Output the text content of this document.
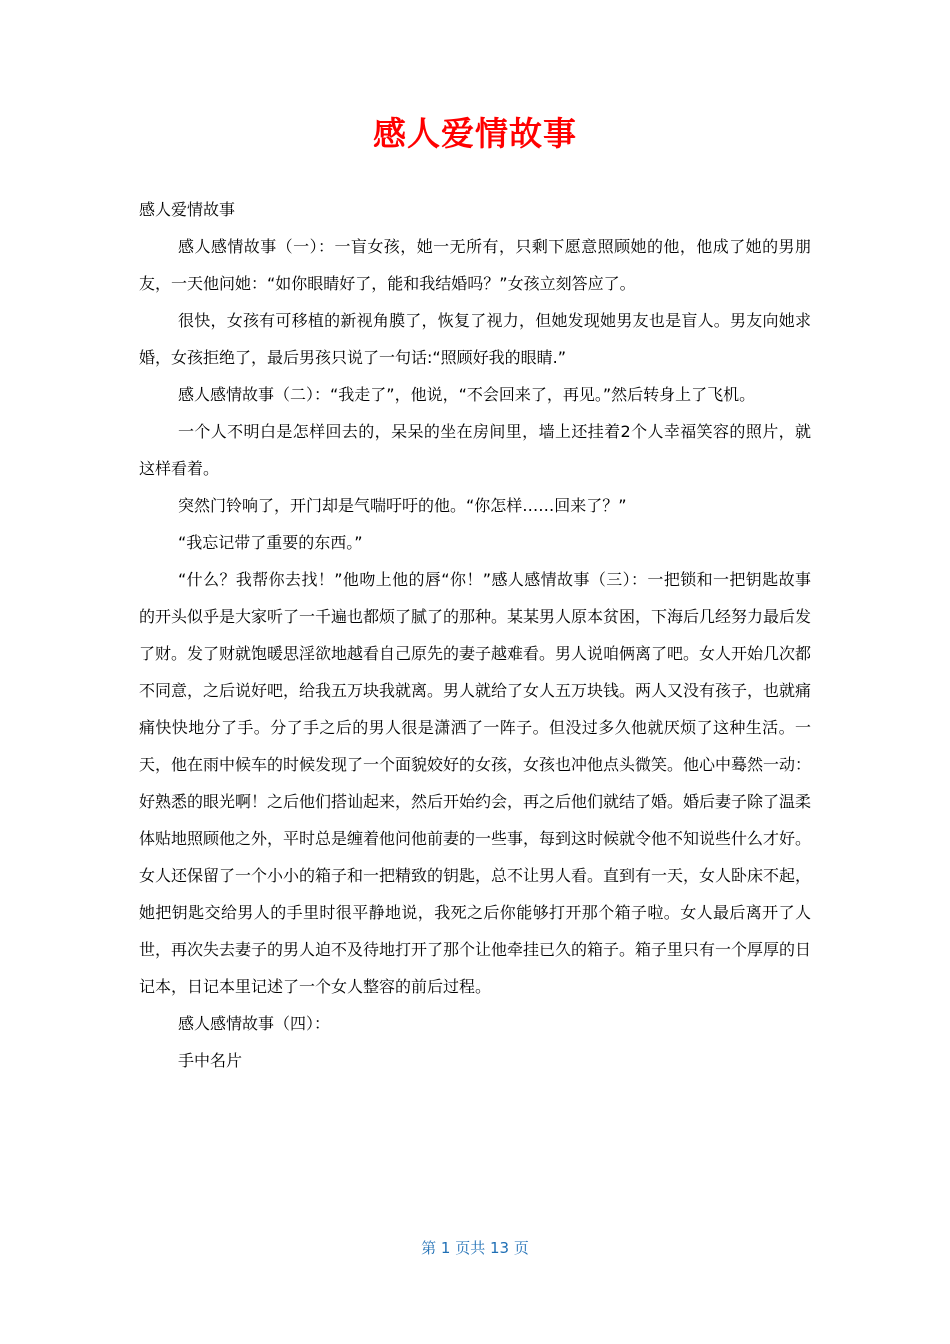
感人爱情故事
感人爱情故事

感人感情故事（一）：一盲女孩，她一无所有，只剩下愿意照顾她的他，他成了她的男朋友，一天他问她：“如你眼睛好了，能和我结婚吗？”女孩立刻答应了。

很快，女孩有可移植的新视角膜了，恢复了视力，但她发现她男友也是盲人。男友向她求婚，女孩拒绝了，最后男孩只说了一句话:“照顾好我的眼睛.”

感人感情故事（二）：“我走了”，他说，“不会回来了，再见。”然后转身上了飞机。

一个人不明白是怎样回去的，呆呆的坐在房间里，墙上还挂着2个人幸福笑容的照片，就这样看着。

突然门铃响了，开门却是气喘吁吁的他。“你怎样……回来了？”

“我忘记带了重要的东西。”

“什么？我帮你去找！”他吻上他的唇“你！”感人感情故事（三）：一把锁和一把钥匙故事的开头似乎是大家听了一千遍也都烦了腻了的那种。某某男人原本贫困，下海后几经努力最后发了财。发了财就饱暖思淫欲地越看自己原先的妻子越难看。男人说咱俩离了吧。女人开始几次都不同意，之后说好吧，给我五万块我就离。男人就给了女人五万块钱。两人又没有孩子，也就痛痛快快地分了手。分了手之后的男人很是潇洒了一阵子。但没过多久他就厌烦了这种生活。一天，他在雨中候车的时候发现了一个面貌姣好的女孩，女孩也冲他点头微笑。他心中蓦然一动：好熟悉的眼光啊！之后他们搭讪起来，然后开始约会，再之后他们就结了婚。婚后妻子除了温柔体贴地照顾他之外，平时总是缠着他问他前妻的一些事，每到这时候就令他不知说些什么才好。女人还保留了一个小小的箱子和一把精致的钥匙，总不让男人看。直到有一天，女人卧床不起，她把钥匙交给男人的手里时很平静地说，我死之后你能够打开那个箱子啦。女人最后离开了人世，再次失去妻子的男人迫不及待地打开了那个让他牵挂已久的箱子。箱子里只有一个厚厚的日记本，日记本里记述了一个女人整容的前后过程。

感人感情故事（四）：

手中名片

第 1 页共 13 页
